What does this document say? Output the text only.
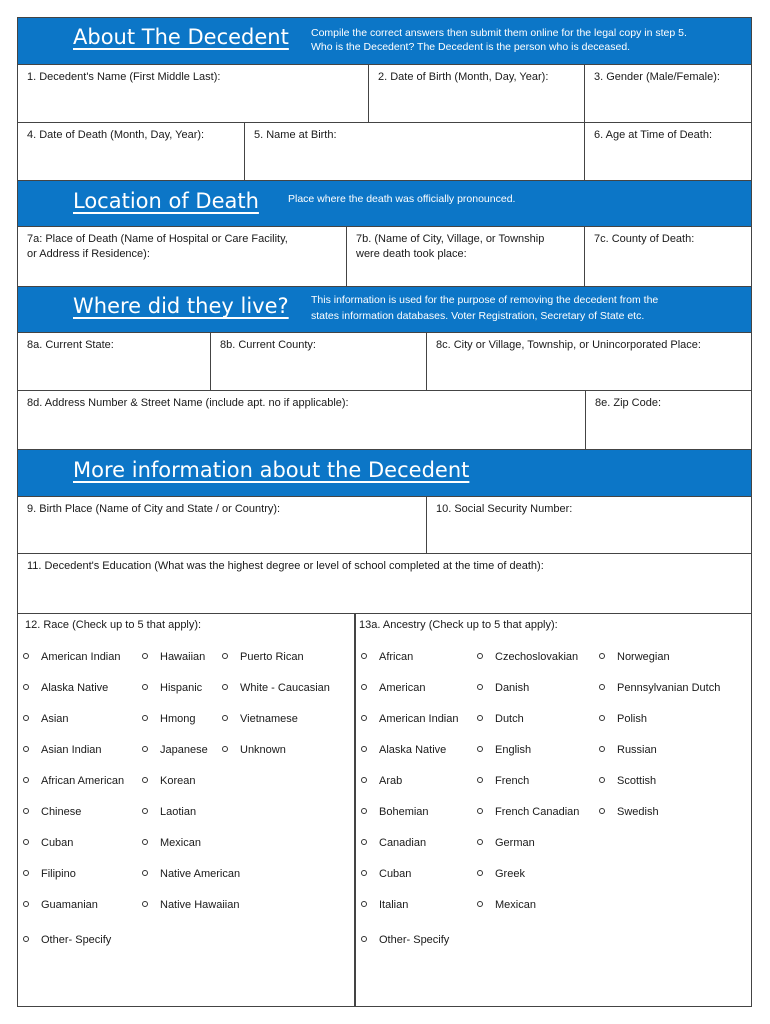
About The Decedent Compile the correct answers then submit them online for the legal copy in step 5.
Who is the Decedent? The Decedent is the person who is deceased.
1. Decedent's Name (First Middle Last):	2. Date of Birth (Month, Day, Year):	3. Gender (Male/Female):
4. Date of Death (Month, Day, Year):	5. Name at Birth:	6. Age at Time of Death:
Location of Death	Place where the death was officially pronounced.
7a: Place of Death (Name of Hospital or Care Facility,
or Address if Residence):
7b. (Name of City, Village, or Township
were death took place:
7c. County of Death:
Where did they live? This information is used for the purpose of removing the decedent from the
states information databases. Voter Registration, Secretary of State etc.
8a. Current State:	8b. Current County:	8c. City or Village, Township, or Unincorporated Place:
8d. Address Number & Street Name (include apt. no if applicable):	8e. Zip Code:
More information about the Decedent
9. Birth Place (Name of City and State / or Country):	10. Social Security Number:
11. Decedent's Education (What was the highest degree or level of school completed at the time of death):
12. Race (Check up to 5 that apply):	13a. Ancestry (Check up to 5 that apply):
American Indian
Alaska Native
Asian
Asian Indian
African American
Chinese
Cuban
Filipino
Guamanian
Other- Specify
Hawaiian
Hispanic
Hmong
Japanese
Korean
Laotian
Mexican
Native American
Native Hawaiian
Puerto Rican
White - Caucasian
Vietnamese
Unknown
African
American
American Indian
Alaska Native
Arab
Bohemian
Canadian
Cuban
Italian
Other- Specify
Czechoslovakian
Danish
Dutch
English
French
French Canadian
German
Greek
Mexican
Norwegian
Pennsylvanian Dutch
Polish
Russian
Scottish
Swedish
